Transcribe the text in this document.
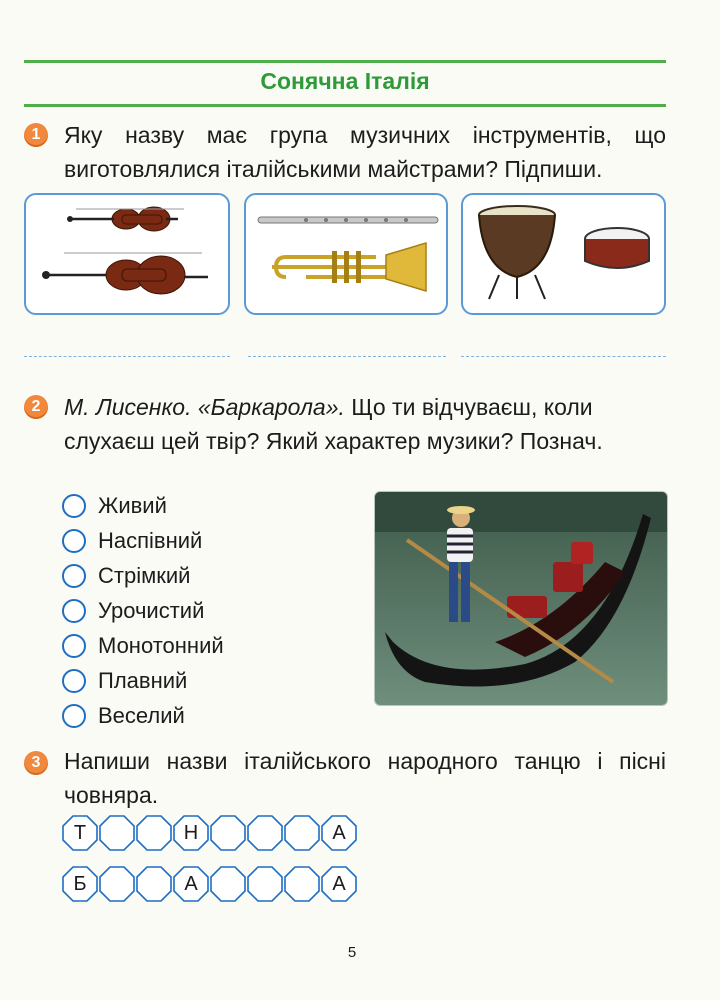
Сонячна Італія
1	Яку назву має група музичних інструментів, що виготовлялися італійськими майстрами? Підпиши.
2	М. Лисенко. «Баркарола». Що ти відчуваєш, коли слухаєш цей твір? Який характер музики? Познач.
Живий
Наспівний
Стрімкий
Урочистий
Монотонний
Плавний
Веселий
3	Напиши назви італійського народного танцю і пісні човняра.
Т	Н	А
Б	А	А
5
